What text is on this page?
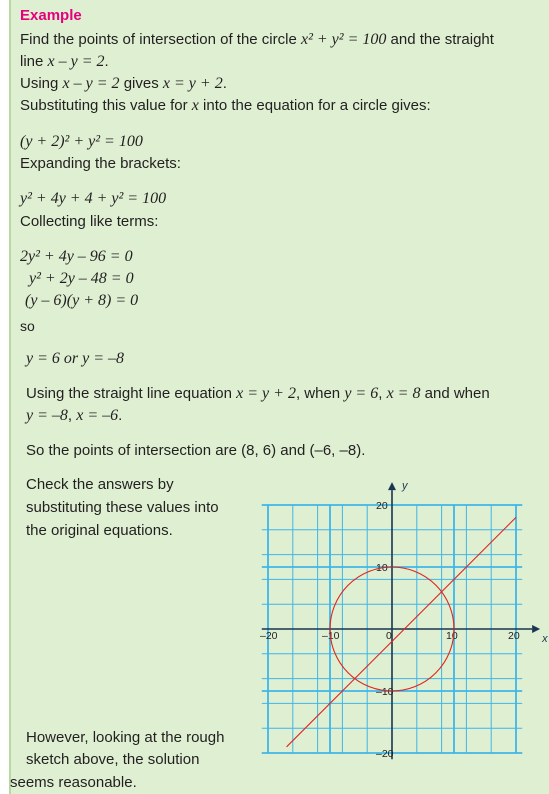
Example
Find the points of intersection of the circle x² + y² = 100 and the straight
line x – y = 2.
Using x – y = 2 gives x = y + 2.
Substituting this value for x into the equation for a circle gives:
(y + 2)² + y² = 100
Expanding the brackets:
y² + 4y + 4 + y² = 100
Collecting like terms:
2y² + 4y – 96 = 0
y² + 2y – 48 = 0
(y – 6)(y + 8) = 0
so
y = 6 or y = –8
Using the straight line equation x = y + 2, when y = 6, x = 8 and when
y = –8, x = –6.
So the points of intersection are (8, 6) and (–6, –8).
Check the answers by
substituting these values into
the original equations.
However, looking at the rough
sketch above, the solution
seems reasonable.
x
y
–20	–10	0	10	20
–20
–10
10
20
